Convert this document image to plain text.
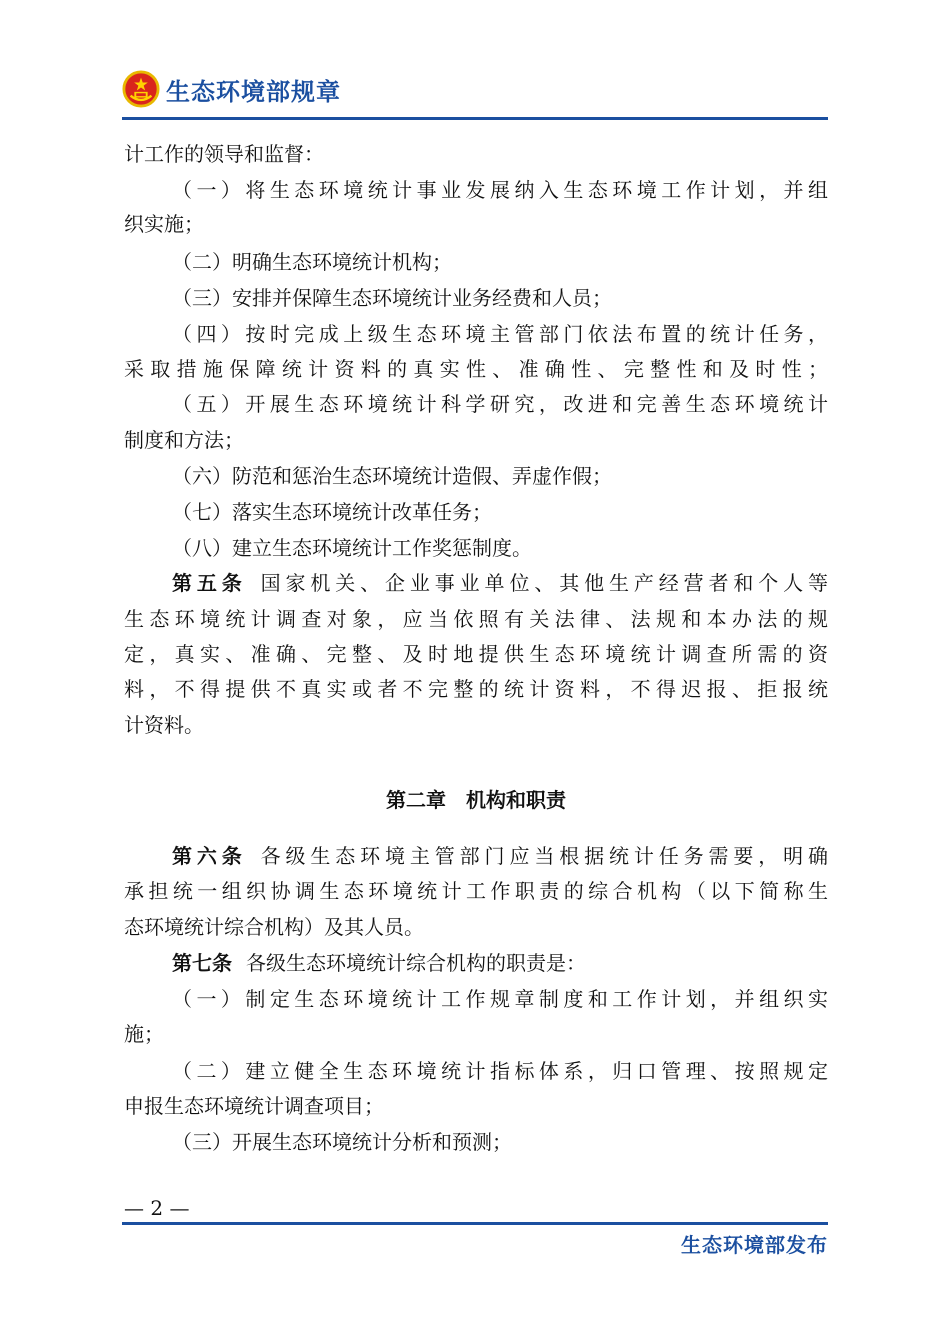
生态环境部规章
计工作的领导和监督：
（一）将生态环境统计事业发展纳入生态环境工作计划，并组
织实施；
（二）明确生态环境统计机构；
（三）安排并保障生态环境统计业务经费和人员；
（四）按时完成上级生态环境主管部门依法布置的统计任务，
采取措施保障统计资料的真实性、准确性、完整性和及时性；
（五）开展生态环境统计科学研究，改进和完善生态环境统计
制度和方法；
（六）防范和惩治生态环境统计造假、弄虚作假；
（七）落实生态环境统计改革任务；
（八）建立生态环境统计工作奖惩制度。
第五条 国家机关、企业事业单位、其他生产经营者和个人等
生态环境统计调查对象，应当依照有关法律、法规和本办法的规
定，真实、准确、完整、及时地提供生态环境统计调查所需的资
料，不得提供不真实或者不完整的统计资料，不得迟报、拒报统
计资料。
第二章　机构和职责
第六条 各级生态环境主管部门应当根据统计任务需要，明确
承担统一组织协调生态环境统计工作职责的综合机构（以下简称生
态环境统计综合机构）及其人员。
第七条 各级生态环境统计综合机构的职责是：
（一）制定生态环境统计工作规章制度和工作计划，并组织实
施；
（二）建立健全生态环境统计指标体系，归口管理、按照规定
申报生态环境统计调查项目；
（三）开展生态环境统计分析和预测；
— 2 —
生态环境部发布
